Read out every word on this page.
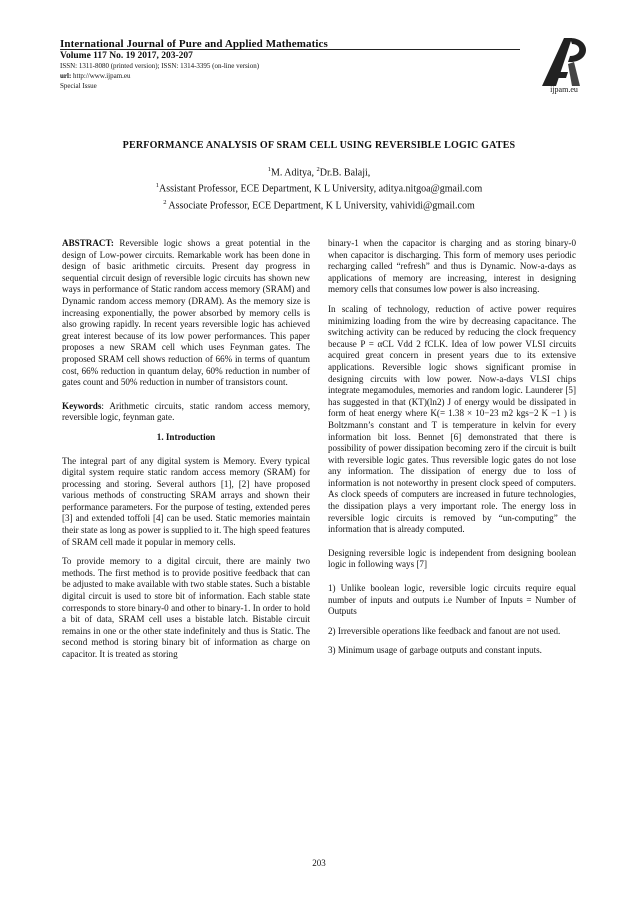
International Journal of Pure and Applied Mathematics
Volume 117 No. 19 2017, 203-207
ISSN: 1311-8080 (printed version); ISSN: 1314-3395 (on-line version)
url: http://www.ijpam.eu
Special Issue	ijpam.eu
PERFORMANCE ANALYSIS OF SRAM CELL USING REVERSIBLE LOGIC GATES
$^1$M. Aditya, $^2$Dr.B. Balaji,
$^1$Assistant Professor, ECE Department, K L University, aditya.nitgoa@gmail.com
$^2$ Associate Professor, ECE Department, K L University, vahividi@gmail.com

ABSTRACT: Reversible logic shows a great potential in the design of Low-power circuits. Remarkable work has been done in design of basic arithmetic circuits. Present day progress in sequential circuit design of reversible logic circuits has shown new ways in performance of Static random access memory (SRAM) and Dynamic random access memory (DRAM). As the memory size is increasing exponentially, the power absorbed by memory cells is also growing rapidly. In recent years reversible logic has achieved great interest because of its low power performances. This paper proposes a new SRAM cell which uses Feynman gates. The proposed SRAM cell shows reduction of 66% in terms of quantum cost, 66% reduction in quantum delay, 60% reduction in number of gates count and 50% reduction in number of transistors count.

Keywords: Arithmetic circuits, static random access memory, reversible logic, feynman gate.

1. Introduction

The integral part of any digital system is Memory. Every typical digital system require static random access memory (SRAM) for processing and storing. Several authors [1], [2] have proposed various methods of constructing SRAM arrays and shown their performance parameters. For the purpose of testing, extended peres [3] and extended toffoli [4] can be used. Static memories maintain their state as long as power is supplied to it. The high speed features of SRAM cell made it popular in memory cells.

To provide memory to a digital circuit, there are mainly two methods. The first method is to provide positive feedback that can be adjusted to make available with two stable states. Such a bistable digital circuit is used to store bit of information. Each stable state corresponds to store binary-0 and other to binary-1. In order to hold a bit of data, SRAM cell uses a bistable latch. Bistable circuit remains in one or the other state indefinitely and thus is Static. The second method is storing binary bit of information as charge on capacitor. It is treated as storing

binary-1 when the capacitor is charging and as storing binary-0 when capacitor is discharging. This form of memory uses periodic recharging called “refresh” and thus is Dynamic. Now-a-days as applications of memory are increasing, interest in designing memory cells that consumes low power is also increasing.

In scaling of technology, reduction of active power requires minimizing loading from the wire by decreasing capacitance. The switching activity can be reduced by reducing the clock frequency because P = αCL Vdd 2 fCLK. Idea of low power VLSI circuits acquired great concern in present years due to its extensive applications. Reversible logic shows significant promise in designing circuits with low power. Now-a-days VLSI chips integrate megamodules, memories and random logic. Launderer [5] has suggested in that (KT)(ln2) J of energy would be dissipated in form of heat energy where K(= 1.38 × 10−23 m2 kgs−2 K −1 ) is Boltzmann’s constant and T is temperature in kelvin for every information bit loss. Bennet [6] demonstrated that there is possibility of power dissipation becoming zero if the circuit is built with reversible logic gates. Thus reversible logic gates do not lose any information. The dissipation of energy due to loss of information is not noteworthy in present clock speed of computers. As clock speeds of computers are increased in future technologies, the dissipation plays a very important role. The energy loss in reversible logic circuits is removed by “un-computing” the information that is already computed.

Designing reversible logic is independent from designing boolean logic in following ways [7]

1) Unlike boolean logic, reversible logic circuits require equal number of inputs and outputs i.e Number of Inputs = Number of Outputs

2) Irreversible operations like feedback and fanout are not used.

3) Minimum usage of garbage outputs and constant inputs.

203
